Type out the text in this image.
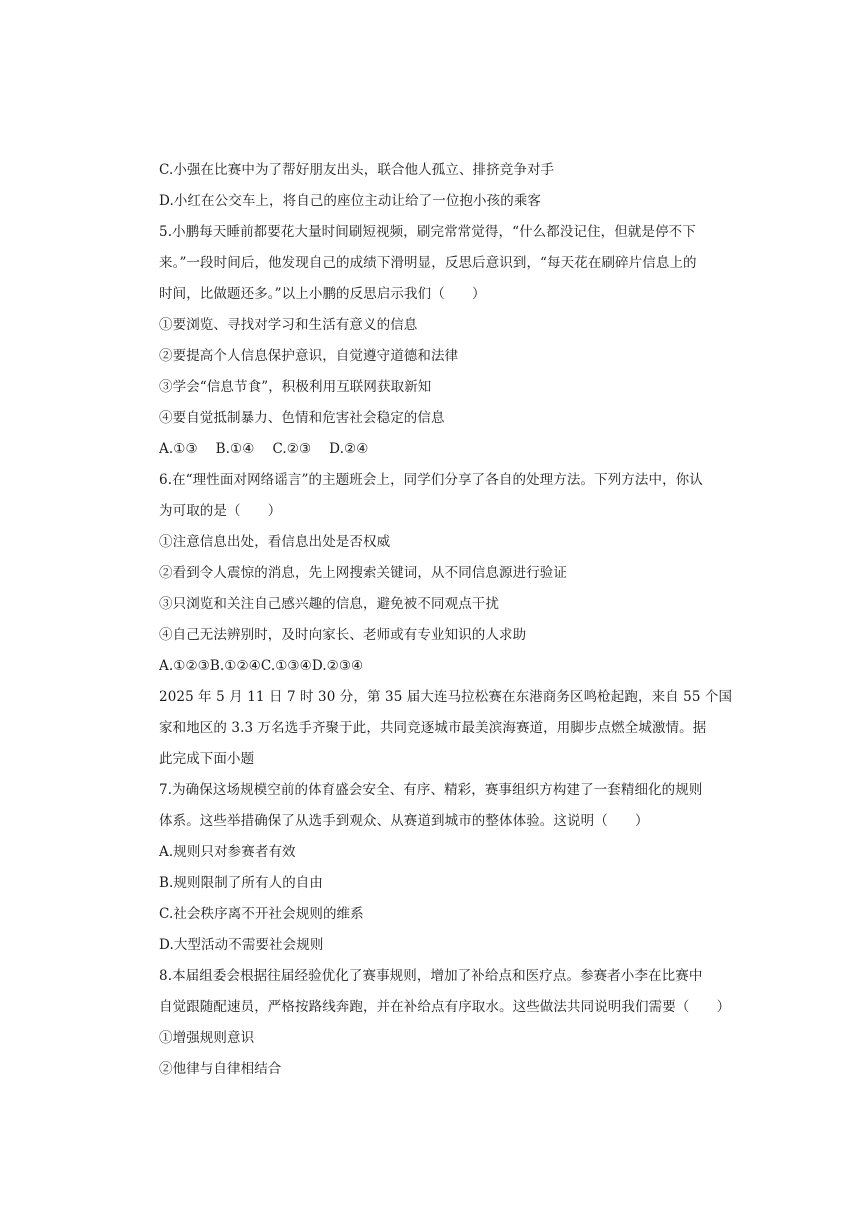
C.小强在比赛中为了帮好朋友出头，联合他人孤立、排挤竞争对手
D.小红在公交车上，将自己的座位主动让给了一位抱小孩的乘客
5.小鹏每天睡前都要花大量时间刷短视频，刷完常常觉得，“什么都没记住，但就是停不下
来。”一段时间后，他发现自己的成绩下滑明显，反思后意识到，“每天花在刷碎片信息上的
时间，比做题还多。”以上小鹏的反思启示我们（　　）
①要浏览、寻找对学习和生活有意义的信息
②要提高个人信息保护意识，自觉遵守道德和法律
③学会“信息节食”，积极利用互联网获取新知
④要自觉抵制暴力、色情和危害社会稳定的信息
A.①③　 B.①④　 C.②③　 D.②④
6.在“理性面对网络谣言”的主题班会上，同学们分享了各自的处理方法。下列方法中，你认
为可取的是（　　）
①注意信息出处，看信息出处是否权威
②看到令人震惊的消息，先上网搜索关键词，从不同信息源进行验证
③只浏览和关注自己感兴趣的信息，避免被不同观点干扰
④自己无法辨别时，及时向家长、老师或有专业知识的人求助
A.①②③B.①②④C.①③④D.②③④
2025 年 5 月 11 日 7 时 30 分，第 35 届大连马拉松赛在东港商务区鸣枪起跑，来自 55 个国
家和地区的 3.3 万名选手齐聚于此，共同竞逐城市最美滨海赛道，用脚步点燃全城激情。据
此完成下面小题
7.为确保这场规模空前的体育盛会安全、有序、精彩，赛事组织方构建了一套精细化的规则
体系。这些举措确保了从选手到观众、从赛道到城市的整体体验。这说明（　　）
A.规则只对参赛者有效
B.规则限制了所有人的自由
C.社会秩序离不开社会规则的维系
D.大型活动不需要社会规则
8.本届组委会根据往届经验优化了赛事规则，增加了补给点和医疗点。参赛者小李在比赛中
自觉跟随配速员，严格按路线奔跑，并在补给点有序取水。这些做法共同说明我们需要（　　）
①增强规则意识
②他律与自律相结合
